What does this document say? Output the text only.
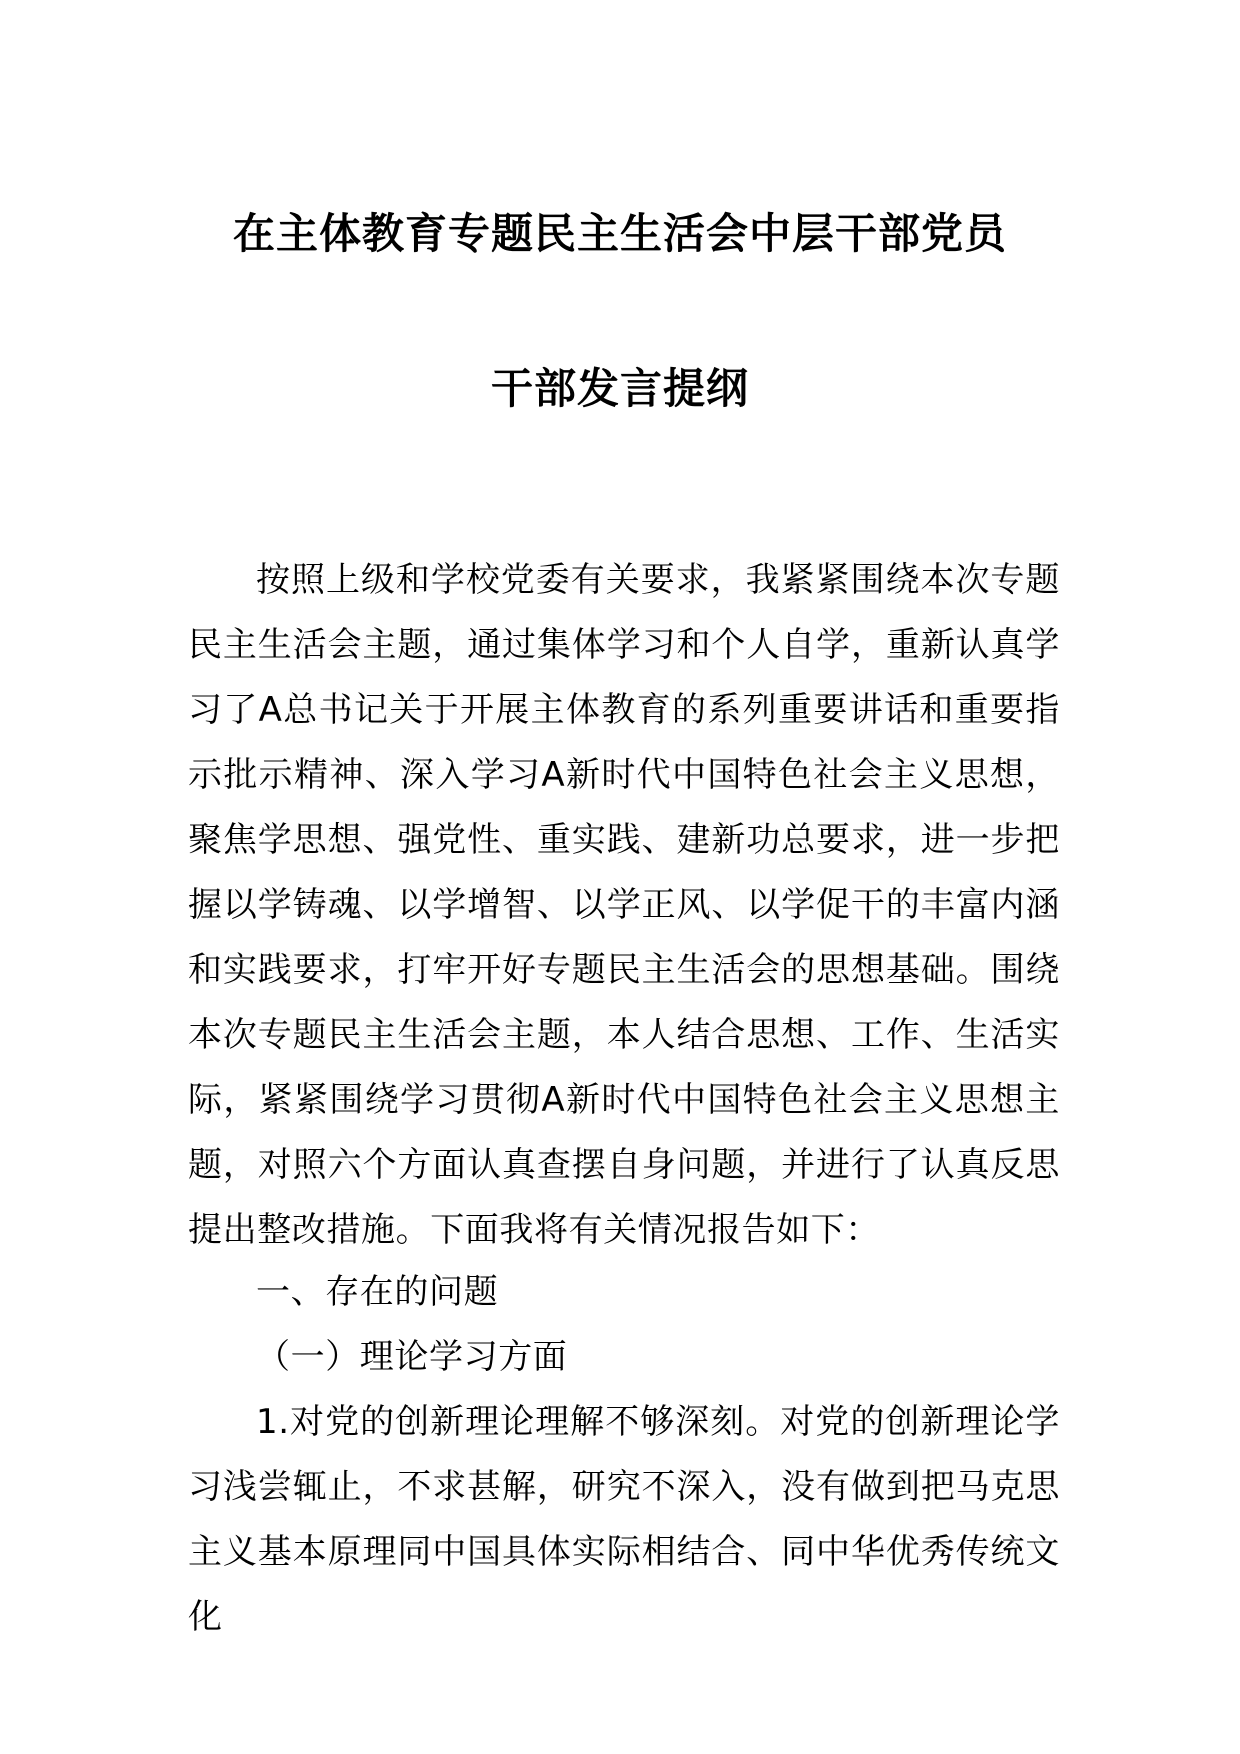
在主体教育专题民主生活会中层干部党员
干部发言提纲
按照上级和学校党委有关要求，我紧紧围绕本次专题民主生活会主题，通过集体学习和个人自学，重新认真学习了A总书记关于开展主体教育的系列重要讲话和重要指示批示精神、深入学习A新时代中国特色社会主义思想，聚焦学思想、强党性、重实践、建新功总要求，进一步把握以学铸魂、以学增智、以学正风、以学促干的丰富内涵和实践要求，打牢开好专题民主生活会的思想基础。围绕本次专题民主生活会主题，本人结合思想、工作、生活实际，紧紧围绕学习贯彻A新时代中国特色社会主义思想主题，对照六个方面认真查摆自身问题，并进行了认真反思提出整改措施。下面我将有关情况报告如下：
一、存在的问题
（一）理论学习方面
1.对党的创新理论理解不够深刻。对党的创新理论学习浅尝辄止，不求甚解，研究不深入，没有做到把马克思主义基本原理同中国具体实际相结合、同中华优秀传统文化
